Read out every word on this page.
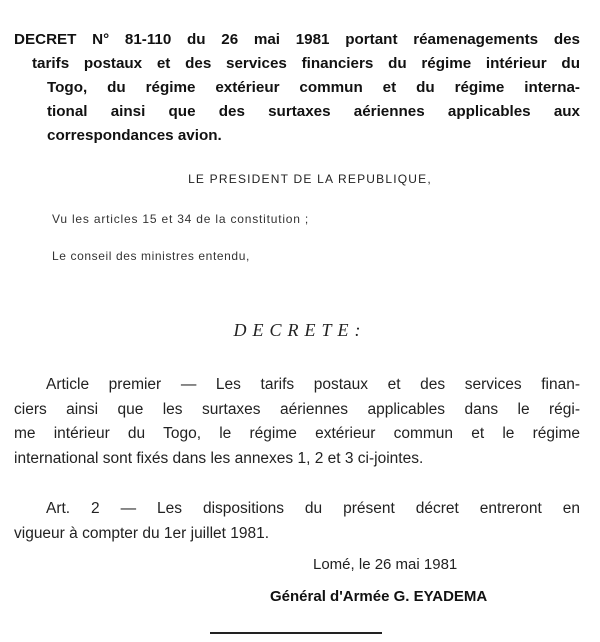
DECRET N° 81-110 du 26 mai 1981 portant réamenagements des
tarifs postaux et des services financiers du régime intérieur du
Togo, du régime extérieur commun et du régime interna-
tional ainsi que des surtaxes aériennes applicables aux
correspondances avion.
LE PRESIDENT DE LA REPUBLIQUE,
Vu les articles 15 et 34 de la constitution ;
Le conseil des ministres entendu,
DECRETE:
Article premier — Les tarifs postaux et des services finan-
ciers ainsi que les surtaxes aériennes applicables dans le régi-
me intérieur du Togo, le régime extérieur commun et le régime
international sont fixés dans les annexes 1, 2 et 3 ci-jointes.
Art. 2 — Les dispositions du présent décret entreront en
vigueur à compter du 1er juillet 1981.
Lomé, le 26 mai 1981
Général d'Armée G. EYADEMA
